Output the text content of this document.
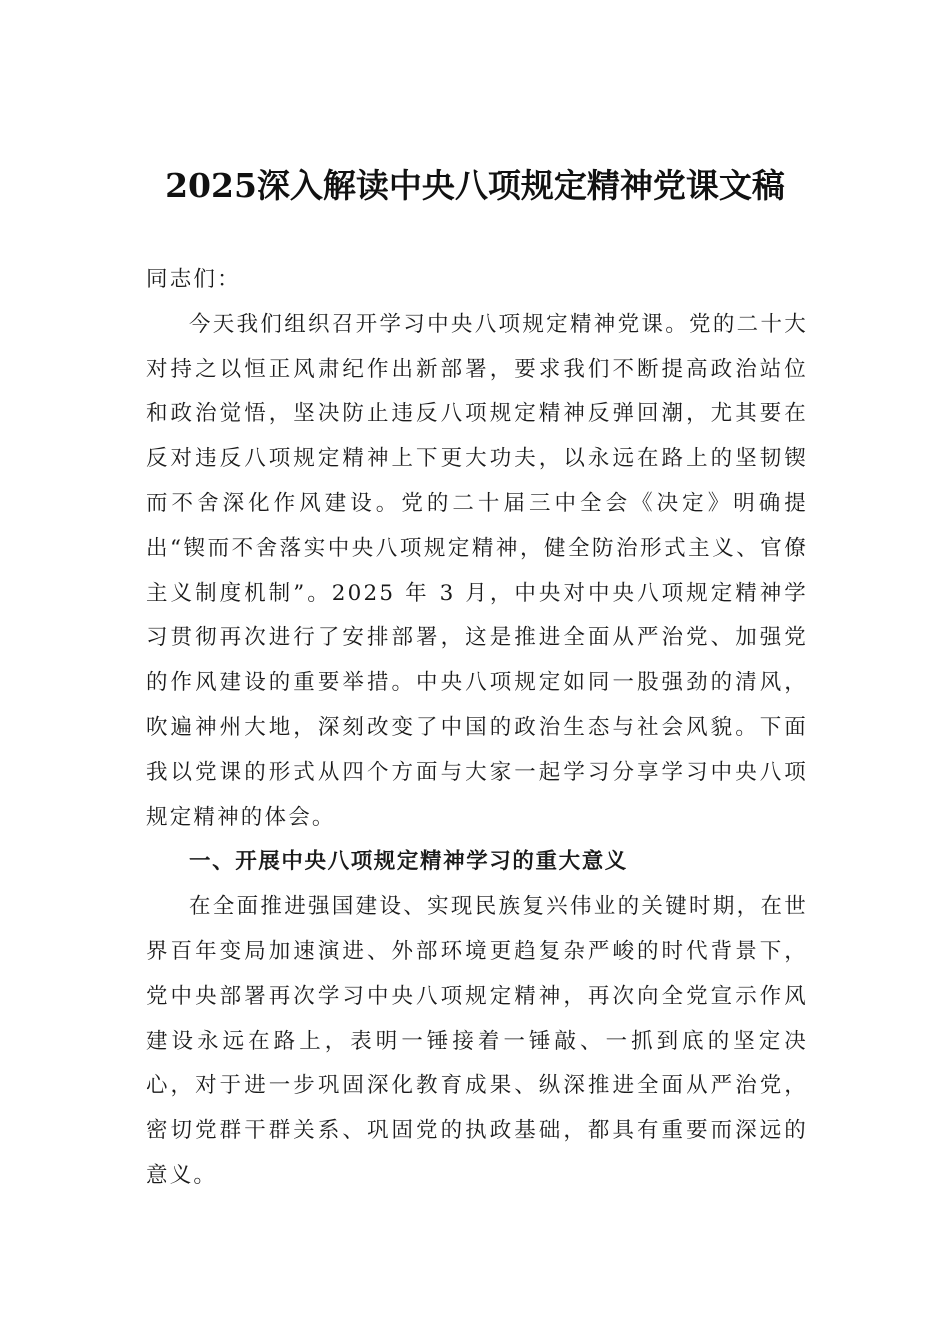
2025深入解读中央八项规定精神党课文稿

同志们：

今天我们组织召开学习中央八项规定精神党课。党的二十大对持之以恒正风肃纪作出新部署，要求我们不断提高政治站位和政治觉悟，坚决防止违反八项规定精神反弹回潮，尤其要在反对违反八项规定精神上下更大功夫，以永远在路上的坚韧锲而不舍深化作风建设。党的二十届三中全会《决定》明确提出“锲而不舍落实中央八项规定精神，健全防治形式主义、官僚主义制度机制”。2025 年 3 月，中央对中央八项规定精神学习贯彻再次进行了安排部署，这是推进全面从严治党、加强党的作风建设的重要举措。中央八项规定如同一股强劲的清风，吹遍神州大地，深刻改变了中国的政治生态与社会风貌。下面我以党课的形式从四个方面与大家一起学习分享学习中央八项规定精神的体会。

一、开展中央八项规定精神学习的重大意义

在全面推进强国建设、实现民族复兴伟业的关键时期，在世界百年变局加速演进、外部环境更趋复杂严峻的时代背景下，党中央部署再次学习中央八项规定精神，再次向全党宣示作风建设永远在路上，表明一锤接着一锤敲、一抓到底的坚定决心，对于进一步巩固深化教育成果、纵深推进全面从严治党，密切党群干群关系、巩固党的执政基础，都具有重要而深远的意义。
